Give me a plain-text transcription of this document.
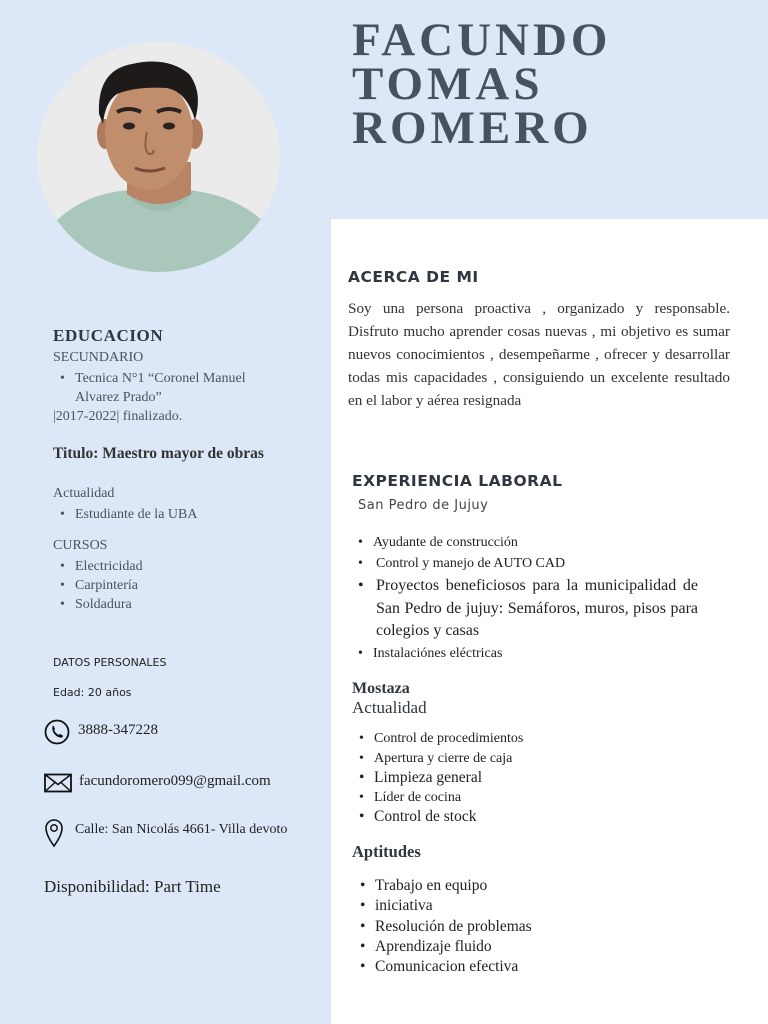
FACUNDO
TOMAS
ROMERO
ACERCA DE MI

Soy una persona proactiva , organizado y responsable. Disfruto mucho aprender cosas nuevas , mi objetivo es sumar nuevos conocimientos , desempeñarme , ofrecer y desarrollar todas mis capacidades , consiguiendo un excelente resultado en el labor y aérea resignada

EDUCACION
SECUNDARIO
• Tecnica N°1 “Coronel Manuel Alvarez Prado”
|2017-2022| finalizado.
Titulo: Maestro mayor de obras
Actualidad
• Estudiante de la UBA
CURSOS
• Electricidad
• Carpintería
• Soldadura
DATOS PERSONALES
Edad: 20 años
3888-347228
facundoromero099@gmail.com
Calle: San Nicolás 4661- Villa devoto
Disponibilidad: Part Time
EXPERIENCIA LABORAL
San Pedro de Jujuy
• Ayudante de construcción
• Control y manejo de AUTO CAD
• Proyectos beneficiosos para la municipalidad de San Pedro de jujuy: Semáforos, muros, pisos para colegios y casas
• Instalaciónes eléctricas
Mostaza
Actualidad
• Control de procedimientos
• Apertura y cierre de caja
• Limpieza general
• Líder de cocina
• Control de stock
Aptitudes
• Trabajo en equipo
• iniciativa
• Resolución de problemas
• Aprendizaje fluido
• Comunicacion efectiva
